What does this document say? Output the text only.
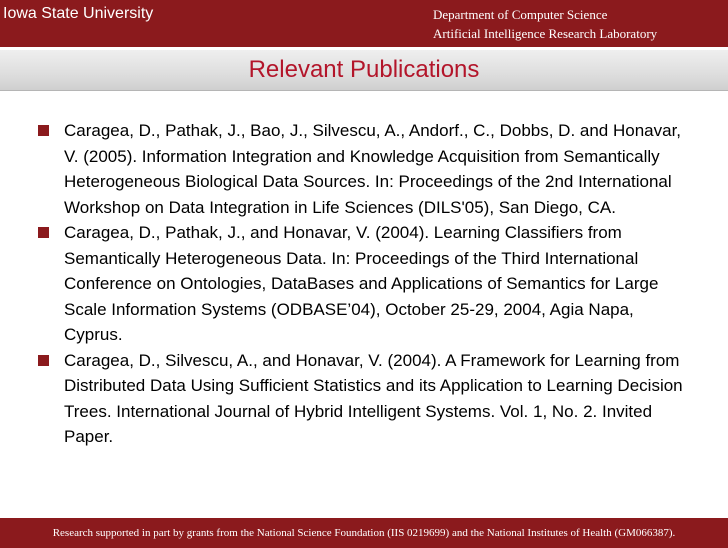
Iowa State University	Department of Computer Science
Artificial Intelligence Research Laboratory
Relevant Publications
Caragea, D., Pathak, J., Bao, J., Silvescu, A., Andorf., C., Dobbs, D. and Honavar, V. (2005). Information Integration and Knowledge Acquisition from Semantically Heterogeneous Biological Data Sources. In: Proceedings of the 2nd International Workshop on Data Integration in Life Sciences (DILS'05), San Diego, CA.
Caragea, D., Pathak, J., and Honavar, V. (2004). Learning Classifiers from Semantically Heterogeneous Data. In: Proceedings of the Third International Conference on Ontologies, DataBases and Applications of Semantics for Large Scale Information Systems (ODBASE’04), October 25-29, 2004, Agia Napa, Cyprus.
Caragea, D., Silvescu, A., and Honavar, V. (2004). A Framework for Learning from Distributed Data Using Sufficient Statistics and its Application to Learning Decision Trees. International Journal of Hybrid Intelligent Systems. Vol. 1, No. 2. Invited Paper.
Research supported in part by grants from the National Science Foundation (IIS 0219699) and the National Institutes of Health (GM066387).
